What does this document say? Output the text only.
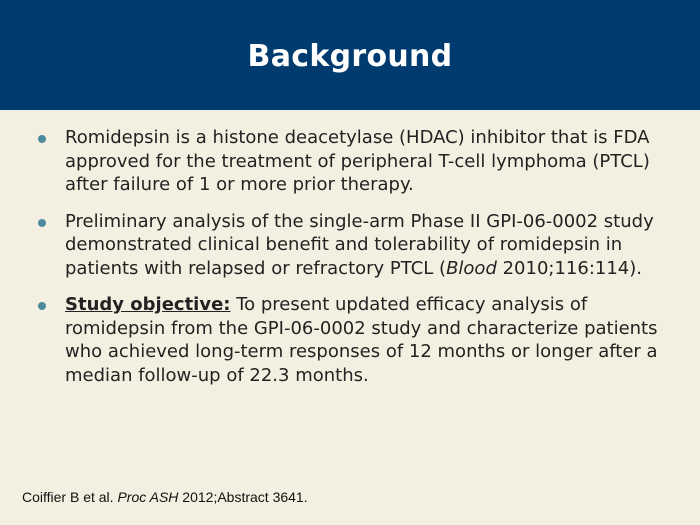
Background
Romidepsin is a histone deacetylase (HDAC) inhibitor that is FDA approved for the treatment of peripheral T-cell lymphoma (PTCL) after failure of 1 or more prior therapy.
Preliminary analysis of the single-arm Phase II GPI-06-0002 study demonstrated clinical benefit and tolerability of romidepsin in patients with relapsed or refractory PTCL (Blood 2010;116:114).
Study objective: To present updated efficacy analysis of romidepsin from the GPI-06-0002 study and characterize patients who achieved long-term responses of 12 months or longer after a median follow-up of 22.3 months.
Coiffier B et al. Proc ASH 2012;Abstract 3641.
